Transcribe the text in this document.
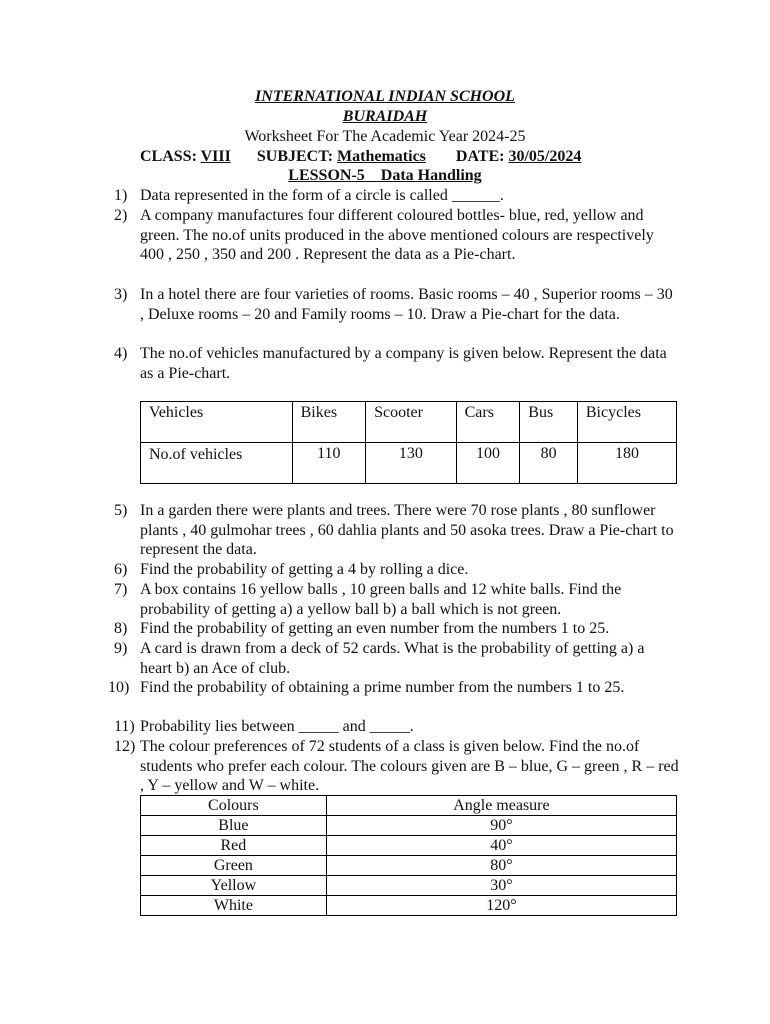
INTERNATIONAL INDIAN SCHOOL
BURAIDAH
Worksheet For The Academic Year 2024-25
CLASS: VIII SUBJECT: Mathematics DATE: 30/05/2024
LESSON-5    Data Handling
1) Data represented in the form of a circle is called ______.
2) A company manufactures four different coloured bottles- blue, red, yellow and green. The no.of units produced in the above mentioned colours are respectively 400 , 250 , 350 and 200 . Represent the data as a Pie-chart.
3) In a hotel there are four varieties of rooms. Basic rooms – 40 , Superior rooms – 30 , Deluxe rooms – 20 and Family rooms – 10. Draw a Pie-chart for the data.
4) The no.of vehicles manufactured by a company is given below. Represent the data as a Pie-chart.
Vehicles	Bikes	Scooter	Cars	Bus	Bicycles
No.of vehicles	110	130	100	80	180
5) In a garden there were plants and trees. There were 70 rose plants , 80 sunflower plants , 40 gulmohar trees , 60 dahlia plants and 50 asoka trees. Draw a Pie-chart to represent the data.
6) Find the probability of getting a 4 by rolling a dice.
7) A box contains 16 yellow balls , 10 green balls and 12 white balls. Find the probability of getting a) a yellow ball b) a ball which is not green.
8) Find the probability of getting an even number from the numbers 1 to 25.
9) A card is drawn from a deck of 52 cards. What is the probability of getting a) a heart b) an Ace of club.
10) Find the probability of obtaining a prime number from the numbers 1 to 25.
11) Probability lies between _____ and _____.
12) The colour preferences of 72 students of a class is given below. Find the no.of students who prefer each colour. The colours given are B – blue, G – green , R – red , Y – yellow and W – white.
Colours	Angle measure
Blue	90°
Red	40°
Green	80°
Yellow	30°
White	120°
